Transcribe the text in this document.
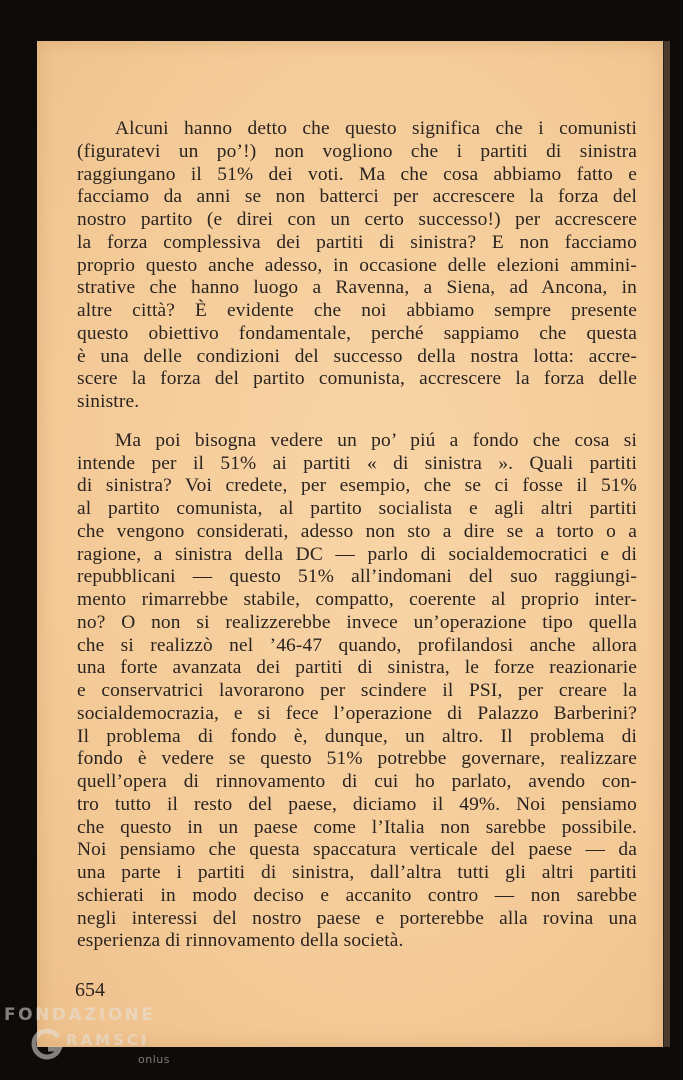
Alcuni hanno detto che questo significa che i comunisti
(figuratevi un po’!) non vogliono che i partiti di sinistra
raggiungano il 51% dei voti. Ma che cosa abbiamo fatto e
facciamo da anni se non batterci per accrescere la forza del
nostro partito (e direi con un certo successo!) per accrescere
la forza complessiva dei partiti di sinistra? E non facciamo
proprio questo anche adesso, in occasione delle elezioni ammini-
strative che hanno luogo a Ravenna, a Siena, ad Ancona, in
altre città? È evidente che noi abbiamo sempre presente
questo obiettivo fondamentale, perché sappiamo che questa
è una delle condizioni del successo della nostra lotta: accre-
scere la forza del partito comunista, accrescere la forza delle
sinistre.
Ma poi bisogna vedere un po’ piú a fondo che cosa si
intende per il 51% ai partiti « di sinistra ». Quali partiti
di sinistra? Voi credete, per esempio, che se ci fosse il 51%
al partito comunista, al partito socialista e agli altri partiti
che vengono considerati, adesso non sto a dire se a torto o a
ragione, a sinistra della DC — parlo di socialdemocratici e di
repubblicani — questo 51% all’indomani del suo raggiungi-
mento rimarrebbe stabile, compatto, coerente al proprio inter-
no? O non si realizzerebbe invece un’operazione tipo quella
che si realizzò nel ’46-47 quando, profilandosi anche allora
una forte avanzata dei partiti di sinistra, le forze reazionarie
e conservatrici lavorarono per scindere il PSI, per creare la
socialdemocrazia, e si fece l’operazione di Palazzo Barberini?
Il problema di fondo è, dunque, un altro. Il problema di
fondo è vedere se questo 51% potrebbe governare, realizzare
quell’opera di rinnovamento di cui ho parlato, avendo con-
tro tutto il resto del paese, diciamo il 49%. Noi pensiamo
che questo in un paese come l’Italia non sarebbe possibile.
Noi pensiamo che questa spaccatura verticale del paese — da
una parte i partiti di sinistra, dall’altra tutti gli altri partiti
schierati in modo deciso e accanito contro — non sarebbe
negli interessi del nostro paese e porterebbe alla rovina una
esperienza di rinnovamento della società.
654
FONDAZIONE
RAMSCI
onlus
